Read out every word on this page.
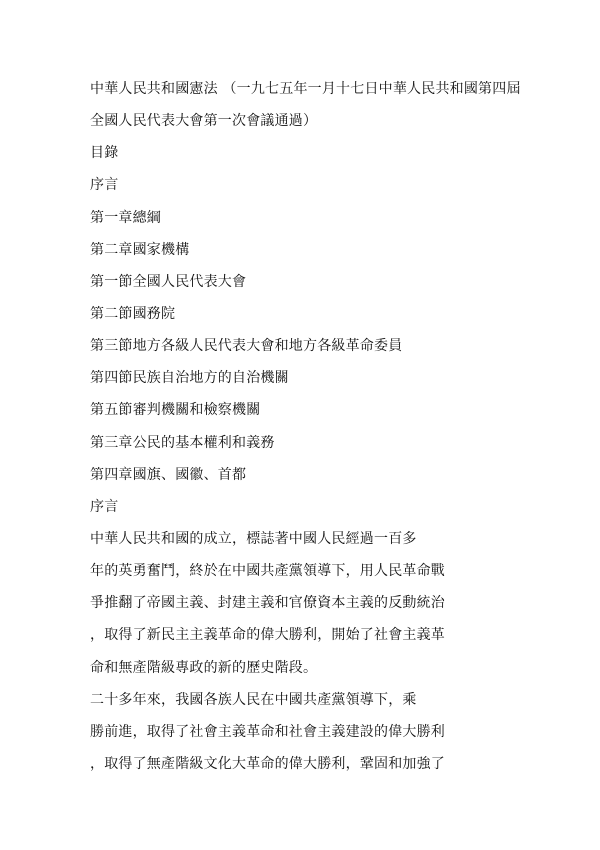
中華人民共和國憲法 （一九七五年一月十七日中華人民共和國第四屆
全國人民代表大會第一次會議通過）
目錄
序言
第一章總綱
第二章國家機構
第一節全國人民代表大會
第二節國務院
第三節地方各級人民代表大會和地方各級革命委員
第四節民族自治地方的自治機關
第五節審判機關和檢察機關
第三章公民的基本權利和義務
第四章國旗、國徽、首都
序言
中華人民共和國的成立，標誌著中國人民經過一百多
年的英勇奮鬥，終於在中國共產黨領導下，用人民革命戰
爭推翻了帝國主義、封建主義和官僚資本主義的反動統治
，取得了新民主主義革命的偉大勝利，開始了社會主義革
命和無產階級專政的新的歷史階段。
二十多年來，我國各族人民在中國共產黨領導下，乘
勝前進，取得了社會主義革命和社會主義建設的偉大勝利
，取得了無產階級文化大革命的偉大勝利，鞏固和加強了
